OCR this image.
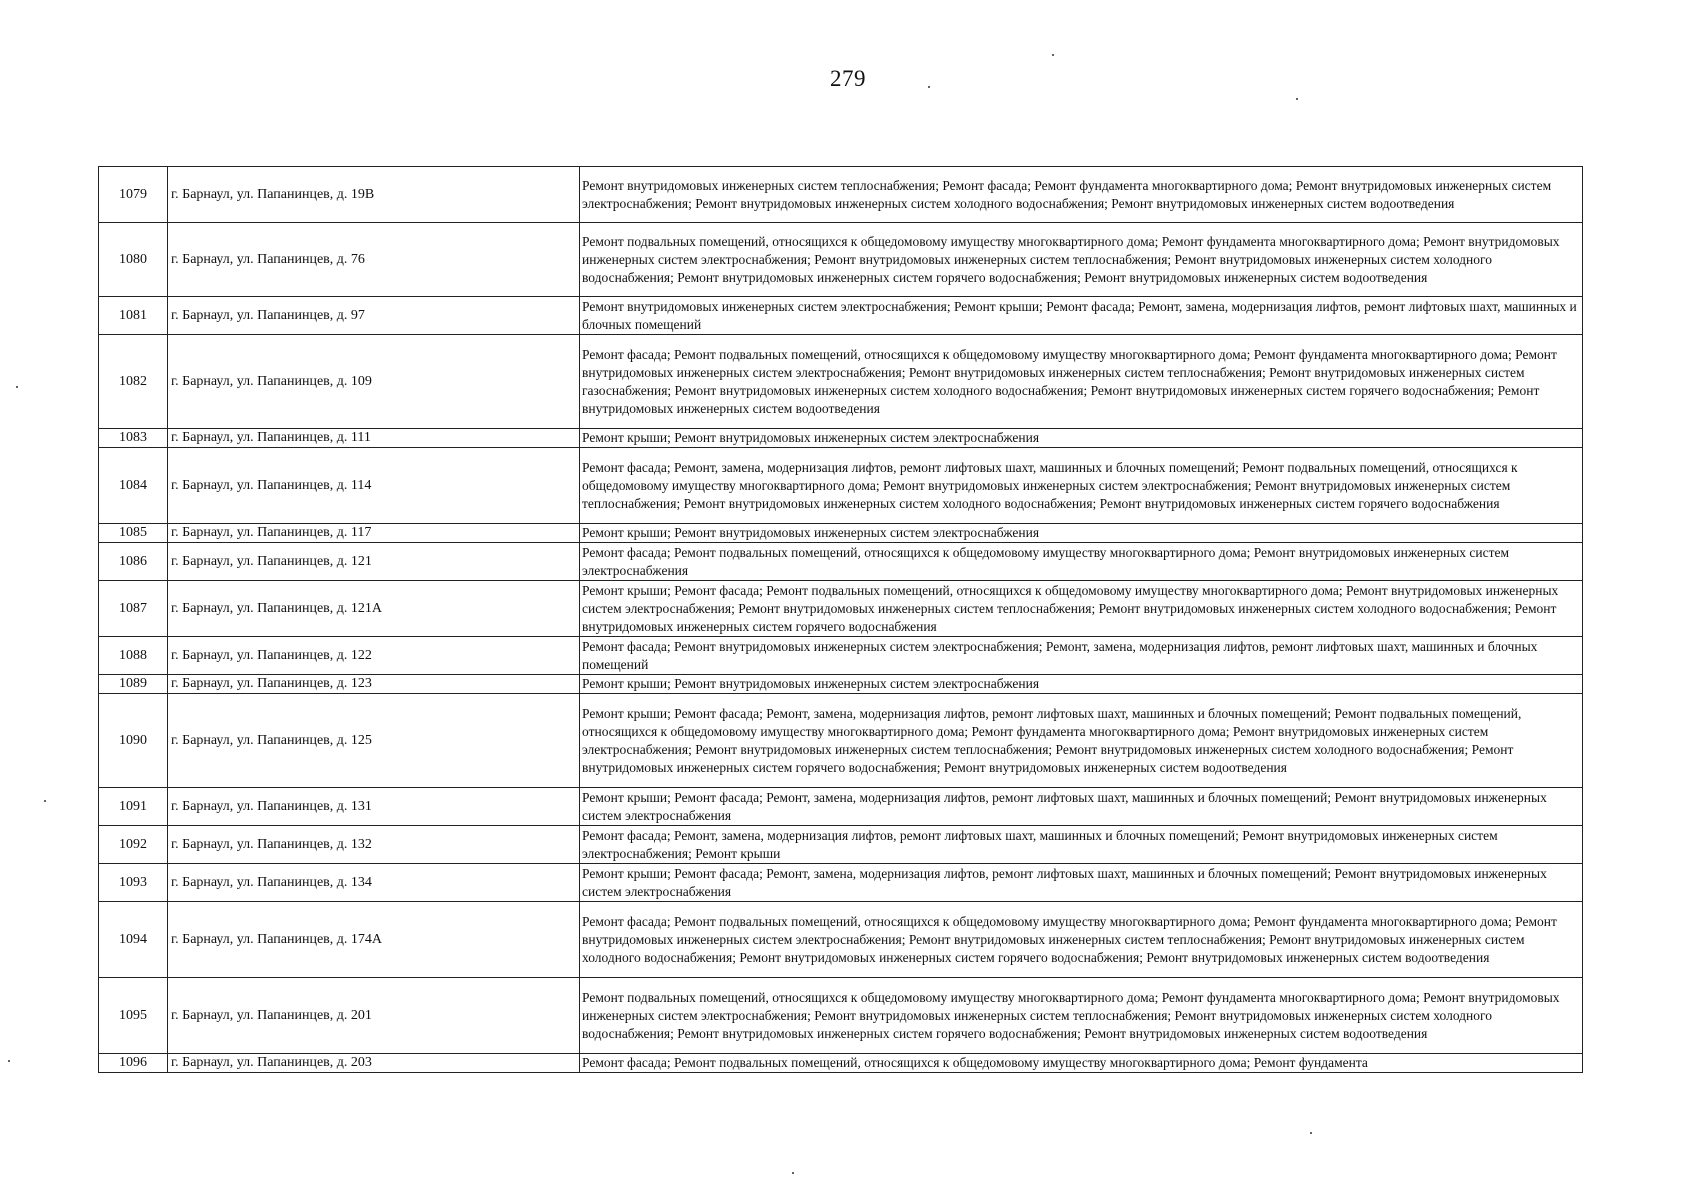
279
1079	г. Барнаул, ул. Папанинцев, д. 19В	Ремонт внутридомовых инженерных систем теплоснабжения; Ремонт фасада; Ремонт фундамента многоквартирного дома; Ремонт внутридомовых инженерных систем электроснабжения; Ремонт внутридомовых инженерных систем холодного водоснабжения; Ремонт внутридомовых инженерных систем водоотведения
1080	г. Барнаул, ул. Папанинцев, д. 76	Ремонт подвальных помещений, относящихся к общедомовому имуществу многоквартирного дома; Ремонт фундамента многоквартирного дома; Ремонт внутридомовых инженерных систем электроснабжения; Ремонт внутридомовых инженерных систем теплоснабжения; Ремонт внутридомовых инженерных систем холодного водоснабжения; Ремонт внутридомовых инженерных систем горячего водоснабжения; Ремонт внутридомовых инженерных систем водоотведения
1081	г. Барнаул, ул. Папанинцев, д. 97	Ремонт внутридомовых инженерных систем электроснабжения; Ремонт крыши; Ремонт фасада; Ремонт, замена, модернизация лифтов, ремонт лифтовых шахт, машинных и блочных помещений
1082	г. Барнаул, ул. Папанинцев, д. 109	Ремонт фасада; Ремонт подвальных помещений, относящихся к общедомовому имуществу многоквартирного дома; Ремонт фундамента многоквартирного дома; Ремонт внутридомовых инженерных систем электроснабжения; Ремонт внутридомовых инженерных систем теплоснабжения; Ремонт внутридомовых инженерных систем газоснабжения; Ремонт внутридомовых инженерных систем холодного водоснабжения; Ремонт внутридомовых инженерных систем горячего водоснабжения; Ремонт внутридомовых инженерных систем водоотведения
1083	г. Барнаул, ул. Папанинцев, д. 111	Ремонт крыши; Ремонт внутридомовых инженерных систем электроснабжения
1084	г. Барнаул, ул. Папанинцев, д. 114	Ремонт фасада; Ремонт, замена, модернизация лифтов, ремонт лифтовых шахт, машинных и блочных помещений; Ремонт подвальных помещений, относящихся к общедомовому имуществу многоквартирного дома; Ремонт внутридомовых инженерных систем электроснабжения; Ремонт внутридомовых инженерных систем теплоснабжения; Ремонт внутридомовых инженерных систем холодного водоснабжения; Ремонт внутридомовых инженерных систем горячего водоснабжения
1085	г. Барнаул, ул. Папанинцев, д. 117	Ремонт крыши; Ремонт внутридомовых инженерных систем электроснабжения
1086	г. Барнаул, ул. Папанинцев, д. 121	Ремонт фасада; Ремонт подвальных помещений, относящихся к общедомовому имуществу многоквартирного дома; Ремонт внутридомовых инженерных систем электроснабжения
1087	г. Барнаул, ул. Папанинцев, д. 121А	Ремонт крыши; Ремонт фасада; Ремонт подвальных помещений, относящихся к общедомовому имуществу многоквартирного дома; Ремонт внутридомовых инженерных систем электроснабжения; Ремонт внутридомовых инженерных систем теплоснабжения; Ремонт внутридомовых инженерных систем холодного водоснабжения; Ремонт внутридомовых инженерных систем горячего водоснабжения
1088	г. Барнаул, ул. Папанинцев, д. 122	Ремонт фасада; Ремонт внутридомовых инженерных систем электроснабжения; Ремонт, замена, модернизация лифтов, ремонт лифтовых шахт, машинных и блочных помещений
1089	г. Барнаул, ул. Папанинцев, д. 123	Ремонт крыши; Ремонт внутридомовых инженерных систем электроснабжения
1090	г. Барнаул, ул. Папанинцев, д. 125	Ремонт крыши; Ремонт фасада; Ремонт, замена, модернизация лифтов, ремонт лифтовых шахт, машинных и блочных помещений; Ремонт подвальных помещений, относящихся к общедомовому имуществу многоквартирного дома; Ремонт фундамента многоквартирного дома; Ремонт внутридомовых инженерных систем электроснабжения; Ремонт внутридомовых инженерных систем теплоснабжения; Ремонт внутридомовых инженерных систем холодного водоснабжения; Ремонт внутридомовых инженерных систем горячего водоснабжения; Ремонт внутридомовых инженерных систем водоотведения
1091	г. Барнаул, ул. Папанинцев, д. 131	Ремонт крыши; Ремонт фасада; Ремонт, замена, модернизация лифтов, ремонт лифтовых шахт, машинных и блочных помещений; Ремонт внутридомовых инженерных систем электроснабжения
1092	г. Барнаул, ул. Папанинцев, д. 132	Ремонт фасада; Ремонт, замена, модернизация лифтов, ремонт лифтовых шахт, машинных и блочных помещений; Ремонт внутридомовых инженерных систем электроснабжения; Ремонт крыши
1093	г. Барнаул, ул. Папанинцев, д. 134	Ремонт крыши; Ремонт фасада; Ремонт, замена, модернизация лифтов, ремонт лифтовых шахт, машинных и блочных помещений; Ремонт внутридомовых инженерных систем электроснабжения
1094	г. Барнаул, ул. Папанинцев, д. 174А	Ремонт фасада; Ремонт подвальных помещений, относящихся к общедомовому имуществу многоквартирного дома; Ремонт фундамента многоквартирного дома; Ремонт внутридомовых инженерных систем электроснабжения; Ремонт внутридомовых инженерных систем теплоснабжения; Ремонт внутридомовых инженерных систем холодного водоснабжения; Ремонт внутридомовых инженерных систем горячего водоснабжения; Ремонт внутридомовых инженерных систем водоотведения
1095	г. Барнаул, ул. Папанинцев, д. 201	Ремонт подвальных помещений, относящихся к общедомовому имуществу многоквартирного дома; Ремонт фундамента многоквартирного дома; Ремонт внутридомовых инженерных систем электроснабжения; Ремонт внутридомовых инженерных систем теплоснабжения; Ремонт внутридомовых инженерных систем холодного водоснабжения; Ремонт внутридомовых инженерных систем горячего водоснабжения; Ремонт внутридомовых инженерных систем водоотведения
1096	г. Барнаул, ул. Папанинцев, д. 203	Ремонт фасада; Ремонт подвальных помещений, относящихся к общедомовому имуществу многоквартирного дома; Ремонт фундамента
